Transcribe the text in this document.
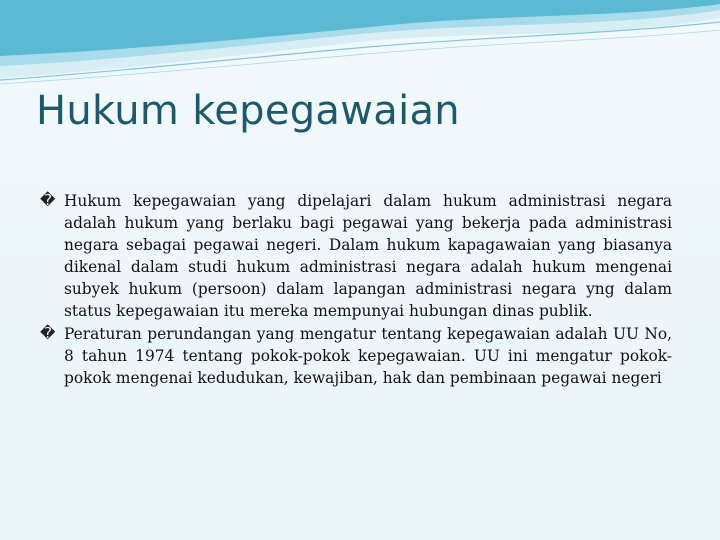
Hukum kepegawaian

�
Hukum kepegawaian yang dipelajari dalam hukum administrasi negara adalah hukum yang berlaku bagi pegawai yang bekerja pada administrasi negara sebagai pegawai negeri. Dalam hukum kapagawaian yang biasanya dikenal dalam studi hukum administrasi negara adalah hukum mengenai subyek hukum (persoon) dalam lapangan administrasi negara yng dalam status kepegawaian itu mereka mempunyai hubungan dinas publik.

�
Peraturan perundangan yang mengatur tentang kepegawaian adalah UU No, 8 tahun 1974 tentang pokok-pokok kepegawaian. UU ini mengatur pokok-pokok mengenai kedudukan, kewajiban, hak dan pembinaan pegawai negeri
